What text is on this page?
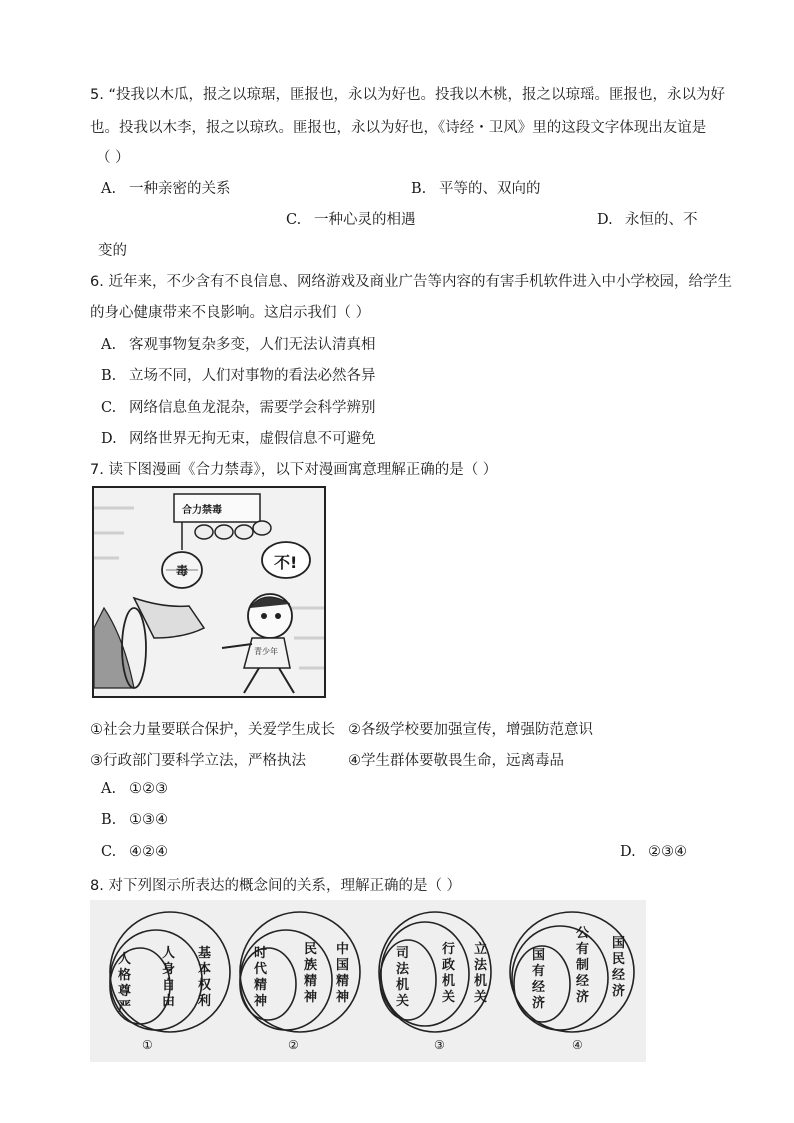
5. “投我以木瓜，报之以琼琚，匪报也，永以为好也。投我以木桃，报之以琼瑶。匪报也，永以为好
也。投我以木李，报之以琼玖。匪报也，永以为好也，《诗经・卫风》里的这段文字体现出友谊是
（ ）
A. 一种亲密的关系	B. 平等的、双向的
C. 一种心灵的相遇	D. 永恒的、不
变的
6. 近年来，不少含有不良信息、网络游戏及商业广告等内容的有害手机软件进入中小学校园，给学生
的身心健康带来不良影响。这启示我们（ ）
A. 客观事物复杂多变，人们无法认清真相
B. 立场不同，人们对事物的看法必然各异
C. 网络信息鱼龙混杂，需要学会科学辨别
D. 网络世界无拘无束，虚假信息不可避免
7. 读下图漫画《合力禁毒》，以下对漫画寓意理解正确的是（ ）
合力禁毒
不!
毒
青少年
①社会力量要联合保护，关爱学生成长 ②各级学校要加强宣传，增强防范意识
③行政部门要科学立法，严格执法	④学生群体要敬畏生命，远离毒品
A. ①②③
B. ①③④
C. ④②④	D. ②③④
8. 对下列图示所表达的概念间的关系，理解正确的是（ ）
人格尊严
人身自由
基本权利
①
时代精神
民族精神
中国精神
②
司法机关
行政机关
立法机关
③
国有经济
公有制经济
国民经济
④
